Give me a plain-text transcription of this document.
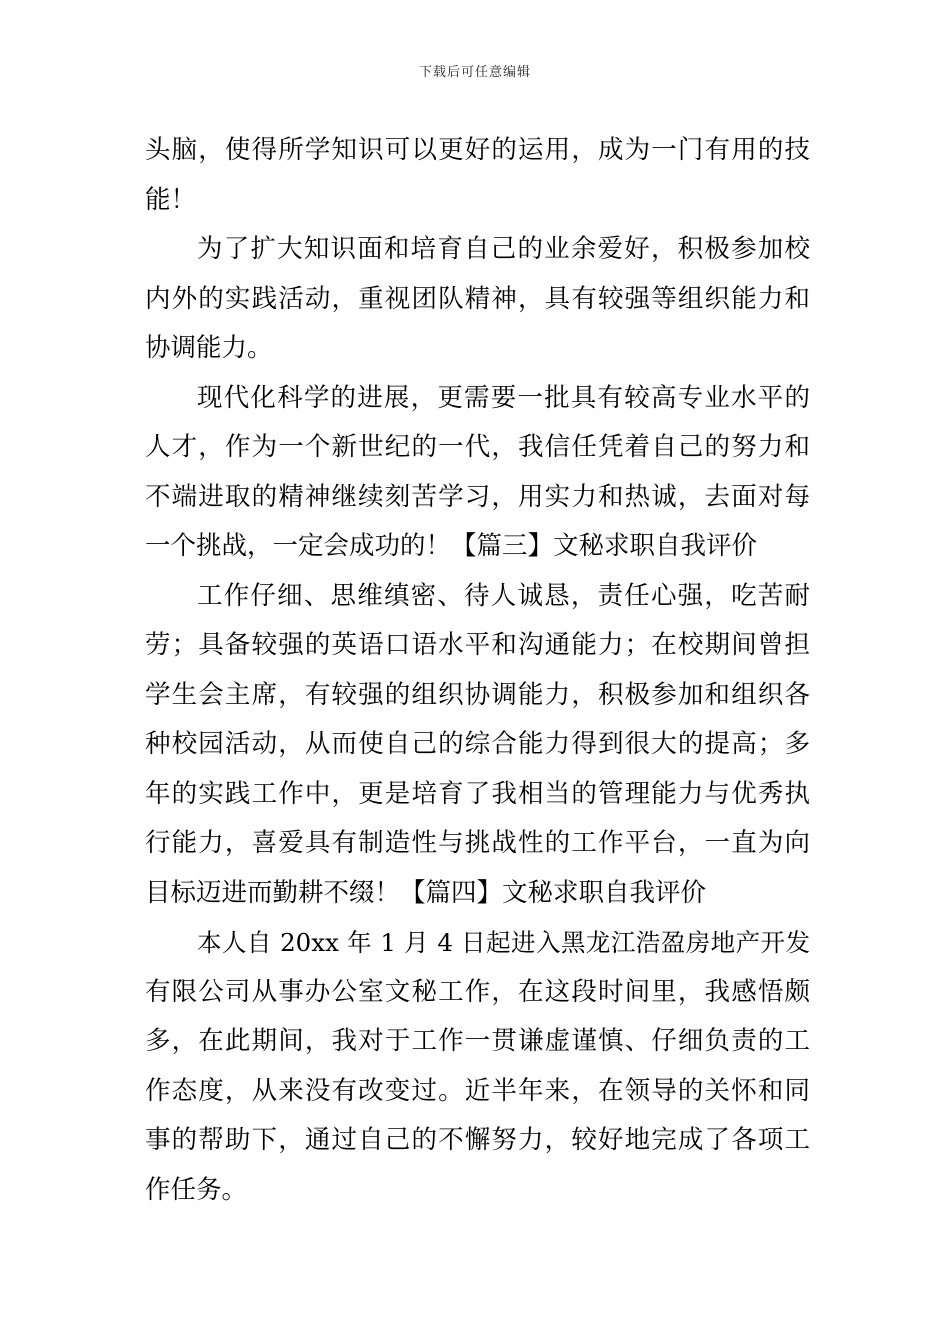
下载后可任意编辑
头脑，使得所学知识可以更好的运用，成为一门有用的技
能！
为了扩大知识面和培育自己的业余爱好，积极参加校
内外的实践活动，重视团队精神，具有较强等组织能力和
协调能力。
现代化科学的进展，更需要一批具有较高专业水平的
人才，作为一个新世纪的一代，我信任凭着自己的努力和
不端进取的精神继续刻苦学习，用实力和热诚，去面对每
一个挑战，一定会成功的！【篇三】文秘求职自我评价
工作仔细、思维缜密、待人诚恳，责任心强，吃苦耐
劳；具备较强的英语口语水平和沟通能力；在校期间曾担
学生会主席，有较强的组织协调能力，积极参加和组织各
种校园活动，从而使自己的综合能力得到很大的提高；多
年的实践工作中，更是培育了我相当的管理能力与优秀执
行能力，喜爱具有制造性与挑战性的工作平台，一直为向
目标迈进而勤耕不缀！【篇四】文秘求职自我评价
本人自 20xx 年 1 月 4 日起进入黑龙江浩盈房地产开发
有限公司从事办公室文秘工作，在这段时间里，我感悟颇
多，在此期间，我对于工作一贯谦虚谨慎、仔细负责的工
作态度，从来没有改变过。近半年来，在领导的关怀和同
事的帮助下，通过自己的不懈努力，较好地完成了各项工
作任务。
